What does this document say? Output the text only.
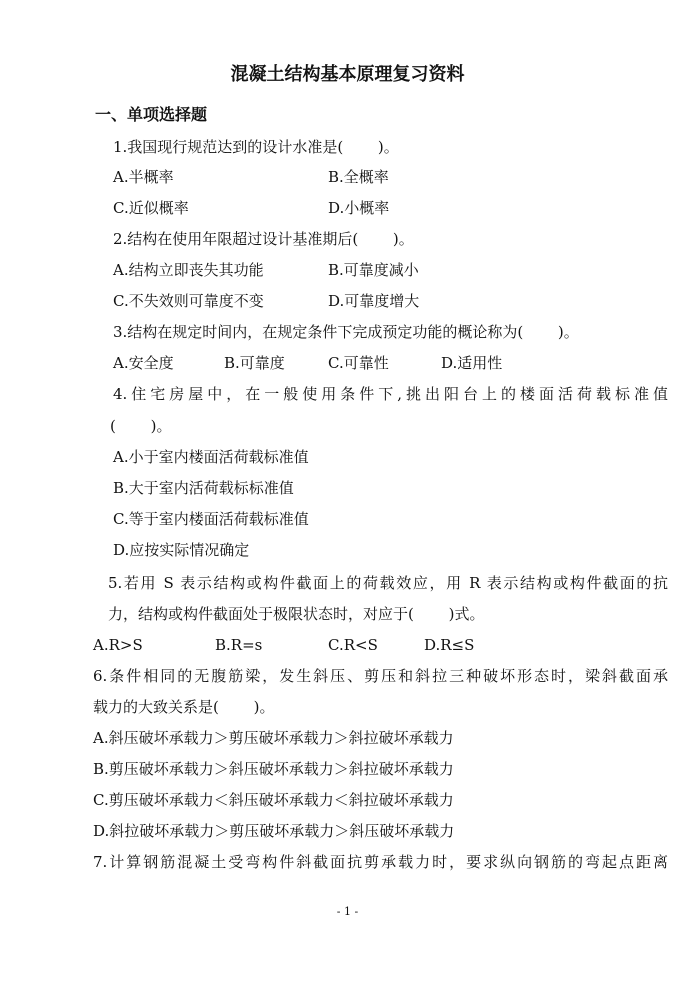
混凝土结构基本原理复习资料
一、单项选择题
1.我国现行规范达到的设计水准是(　　 )。
A.半概率	B.全概率
C.近似概率	D.小概率
2.结构在使用年限超过设计基准期后(　　 )。
A.结构立即丧失其功能	B.可靠度减小
C.不失效则可靠度不变	D.可靠度增大
3.结构在规定时间内，在规定条件下完成预定功能的概论称为(　　 )。
A.安全度	B.可靠度	C.可靠性	D.适用性
4.住宅房屋中，在一般使用条件下,挑出阳台上的楼面活荷载标准值
(　　 )。
A.小于室内楼面活荷载标准值
B.大于室内活荷载标标准值
C.等于室内楼面活荷载标准值
D.应按实际情况确定
5.若用 S 表示结构或构件截面上的荷载效应，用 R 表示结构或构件截面的抗
力，结构或构件截面处于极限状态时，对应于(　　 )式。
A.R>S	B.R=s	C.R<S	D.R≤S
6.条件相同的无腹筋梁，发生斜压、剪压和斜拉三种破坏形态时，梁斜截面承
载力的大致关系是(　　 )。
A.斜压破坏承载力＞剪压破坏承载力＞斜拉破坏承载力
B.剪压破坏承载力＞斜压破坏承载力＞斜拉破坏承载力
C.剪压破坏承载力＜斜压破坏承载力＜斜拉破坏承载力
D.斜拉破坏承载力＞剪压破坏承载力＞斜压破坏承载力
7.计算钢筋混凝土受弯构件斜截面抗剪承载力时，要求纵向钢筋的弯起点距离
- 1 -
